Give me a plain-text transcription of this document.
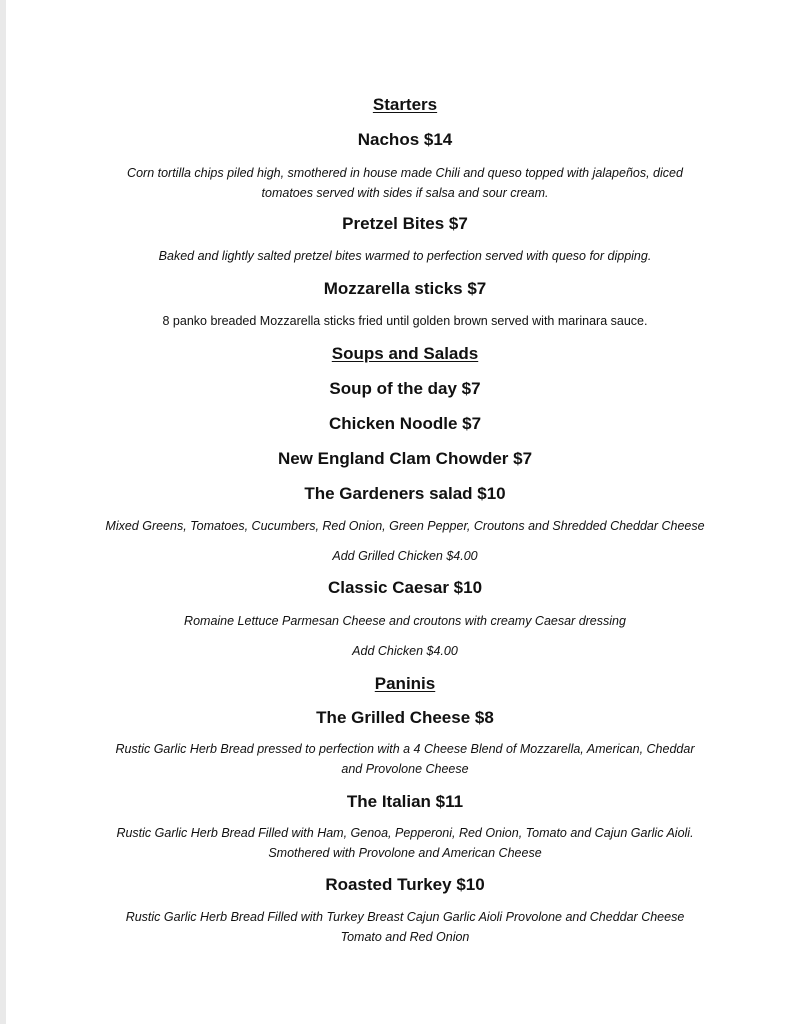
Starters
Nachos $14
Corn tortilla chips piled high, smothered in house made Chili and queso topped with jalapeños, diced
tomatoes served with sides if salsa and sour cream.
Pretzel Bites $7
Baked and lightly salted pretzel bites warmed to perfection served with queso for dipping.
Mozzarella sticks $7
8 panko breaded Mozzarella sticks fried until golden brown served with marinara sauce.
Soups and Salads
Soup of the day $7
Chicken Noodle $7
New England Clam Chowder $7
The Gardeners salad $10
Mixed Greens, Tomatoes, Cucumbers, Red Onion, Green Pepper, Croutons and Shredded Cheddar Cheese
Add Grilled Chicken $4.00
Classic Caesar $10
Romaine Lettuce Parmesan Cheese and croutons with creamy Caesar dressing
Add Chicken $4.00
Paninis
The Grilled Cheese $8
Rustic Garlic Herb Bread pressed to perfection with a 4 Cheese Blend of Mozzarella, American, Cheddar
and Provolone Cheese
The Italian $11
Rustic Garlic Herb Bread Filled with Ham, Genoa, Pepperoni, Red Onion, Tomato and Cajun Garlic Aioli.
Smothered with Provolone and American Cheese
Roasted Turkey $10
Rustic Garlic Herb Bread Filled with Turkey Breast Cajun Garlic Aioli Provolone and Cheddar Cheese
Tomato and Red Onion
